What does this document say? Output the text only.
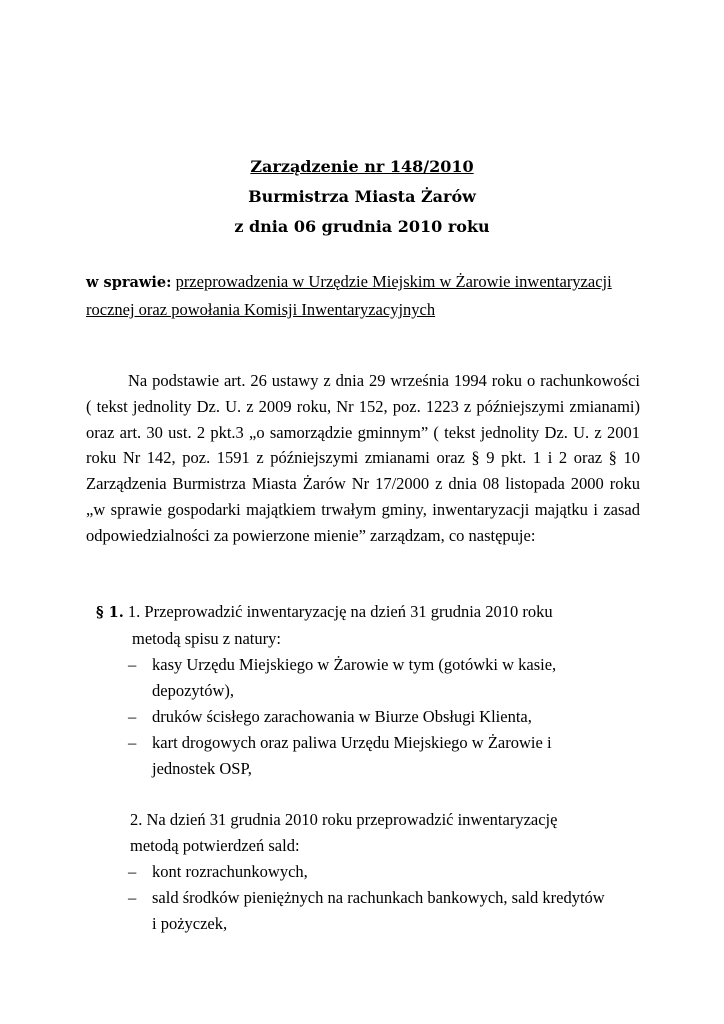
Zarządzenie nr 148/2010
Burmistrza Miasta Żarów
z dnia 06 grudnia 2010 roku
w sprawie: przeprowadzenia w Urzędzie Miejskim w Żarowie inwentaryzacji rocznej oraz powołania Komisji Inwentaryzacyjnych
Na podstawie art. 26 ustawy z dnia 29 września 1994 roku o rachunkowości ( tekst jednolity Dz. U. z 2009 roku, Nr 152, poz. 1223 z późniejszymi zmianami) oraz art. 30 ust. 2 pkt.3 „o samorządzie gminnym” ( tekst jednolity Dz. U. z 2001 roku Nr 142, poz. 1591 z późniejszymi zmianami oraz § 9 pkt. 1 i 2 oraz § 10 Zarządzenia Burmistrza Miasta Żarów Nr 17/2000 z dnia 08 listopada 2000 roku „w sprawie gospodarki majątkiem trwałym gminy, inwentaryzacji majątku i zasad odpowiedzialności za powierzone mienie” zarządzam, co następuje:
§ 1. 1. Przeprowadzić inwentaryzację na dzień 31 grudnia 2010 roku
metodą spisu z natury:
– kasy Urzędu Miejskiego w Żarowie w tym (gotówki w kasie, depozytów),
– druków ścisłego zarachowania w Biurze Obsługi Klienta,
– kart drogowych oraz paliwa Urzędu Miejskiego w Żarowie i jednostek OSP,
2. Na dzień 31 grudnia 2010 roku przeprowadzić inwentaryzację metodą potwierdzeń sald:
– kont rozrachunkowych,
– sald środków pieniężnych na rachunkach bankowych, sald kredytów i pożyczek,
